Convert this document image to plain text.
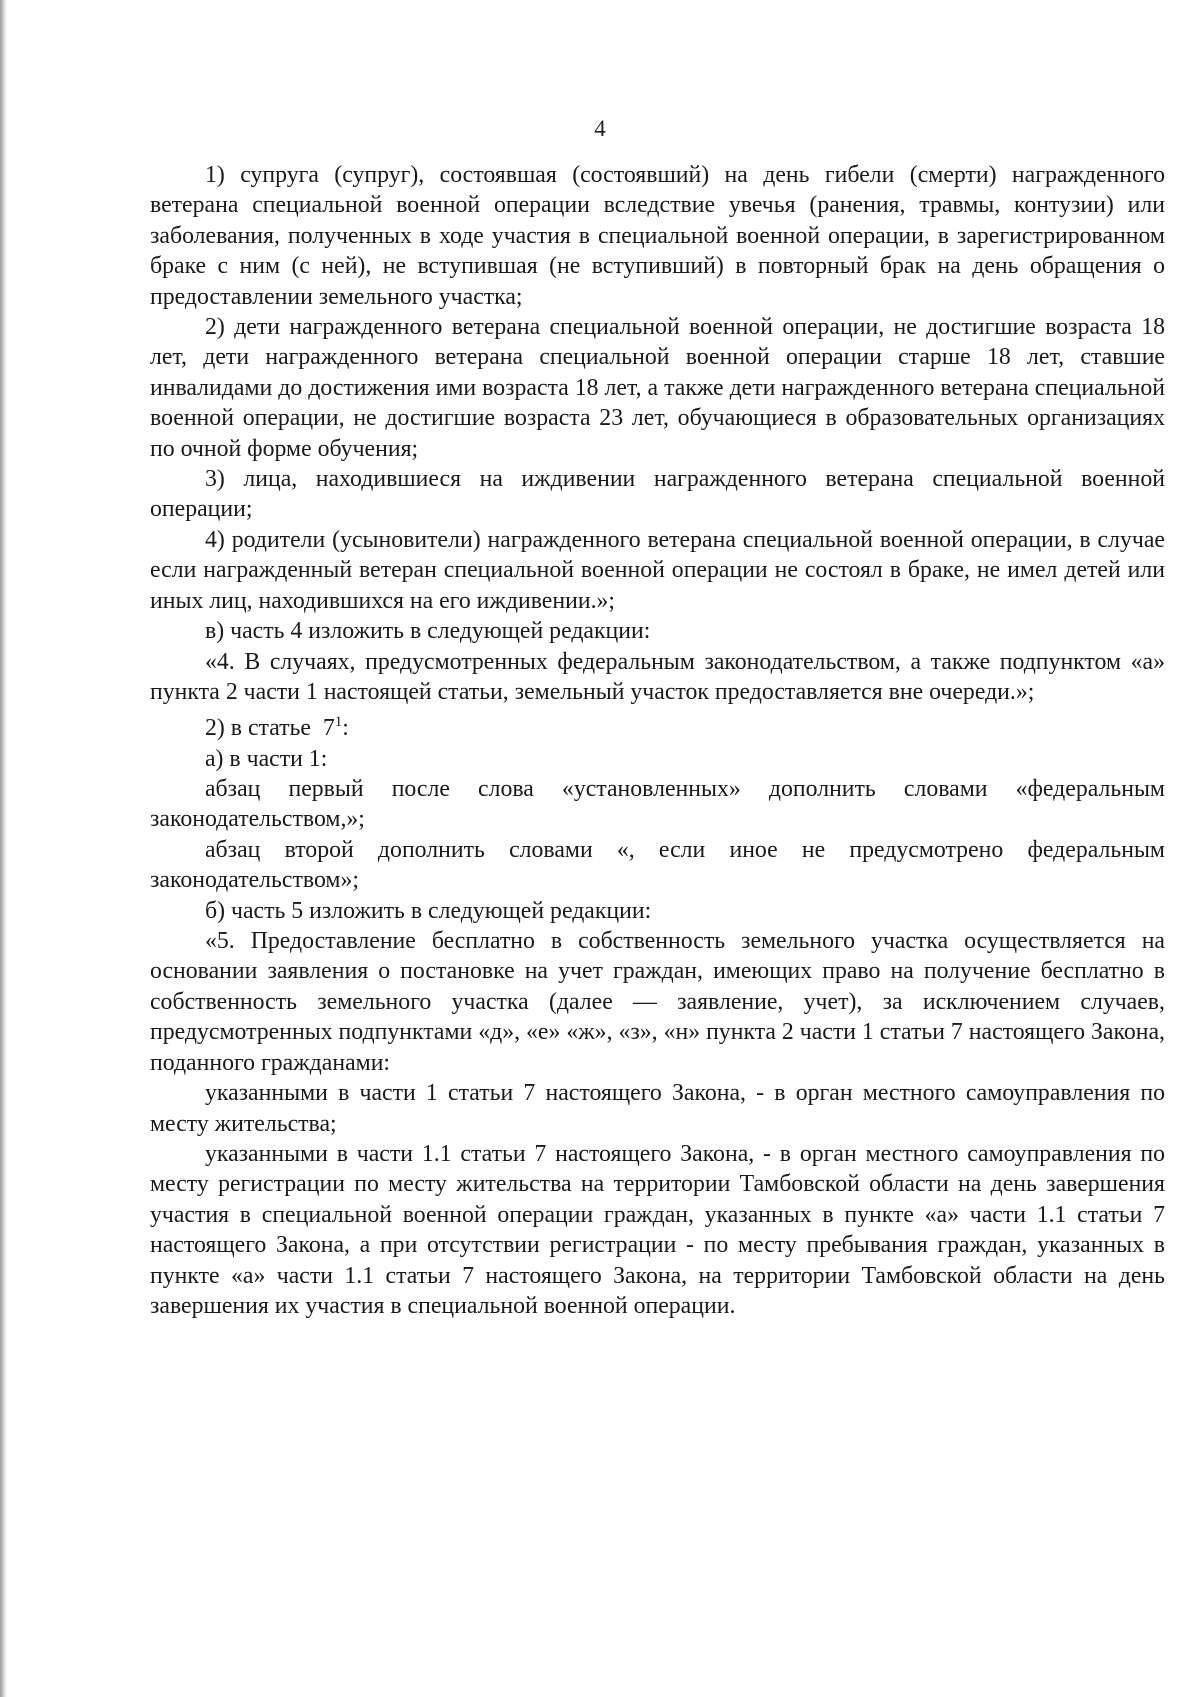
4

1) супруга (супруг), состоявшая (состоявший) на день гибели (смерти) награжденного ветерана специальной военной операции вследствие увечья (ранения, травмы, контузии) или заболевания, полученных в ходе участия в специальной военной операции, в зарегистрированном браке с ним (с ней), не вступившая (не вступивший) в повторный брак на день обращения о предоставлении земельного участка;

2) дети награжденного ветерана специальной военной операции, не достигшие возраста 18 лет, дети награжденного ветерана специальной военной операции старше 18 лет, ставшие инвалидами до достижения ими возраста 18 лет, а также дети награжденного ветерана специальной военной операции, не достигшие возраста 23 лет, обучающиеся в образовательных организациях по очной форме обучения;

3) лица, находившиеся на иждивении награжденного ветерана специальной военной операции;

4) родители (усыновители) награжденного ветерана специальной военной операции, в случае если награжденный ветеран специальной военной операции не состоял в браке, не имел детей или иных лиц, находившихся на его иждивении.»;

в) часть 4 изложить в следующей редакции:

«4. В случаях, предусмотренных федеральным законодательством, а также подпунктом «а» пункта 2 части 1 настоящей статьи, земельный участок предоставляется вне очереди.»;

2) в статье $7^1$:

а) в части 1:

абзац первый после слова «установленных» дополнить словами «федеральным законодательством,»;

абзац второй дополнить словами «, если иное не предусмотрено федеральным законодательством»;

б) часть 5 изложить в следующей редакции:

«5. Предоставление бесплатно в собственность земельного участка осуществляется на основании заявления о постановке на учет граждан, имеющих право на получение бесплатно в собственность земельного участка (далее — заявление, учет), за исключением случаев, предусмотренных подпунктами «д», «е» «ж», «з», «н» пункта 2 части 1 статьи 7 настоящего Закона, поданного гражданами:

указанными в части 1 статьи 7 настоящего Закона, - в орган местного самоуправления по месту жительства;

указанными в части 1.1 статьи 7 настоящего Закона, - в орган местного самоуправления по месту регистрации по месту жительства на территории Тамбовской области на день завершения участия в специальной военной операции граждан, указанных в пункте «а» части 1.1 статьи 7 настоящего Закона, а при отсутствии регистрации - по месту пребывания граждан, указанных в пункте «а» части 1.1 статьи 7 настоящего Закона, на территории Тамбовской области на день завершения их участия в специальной военной операции.
